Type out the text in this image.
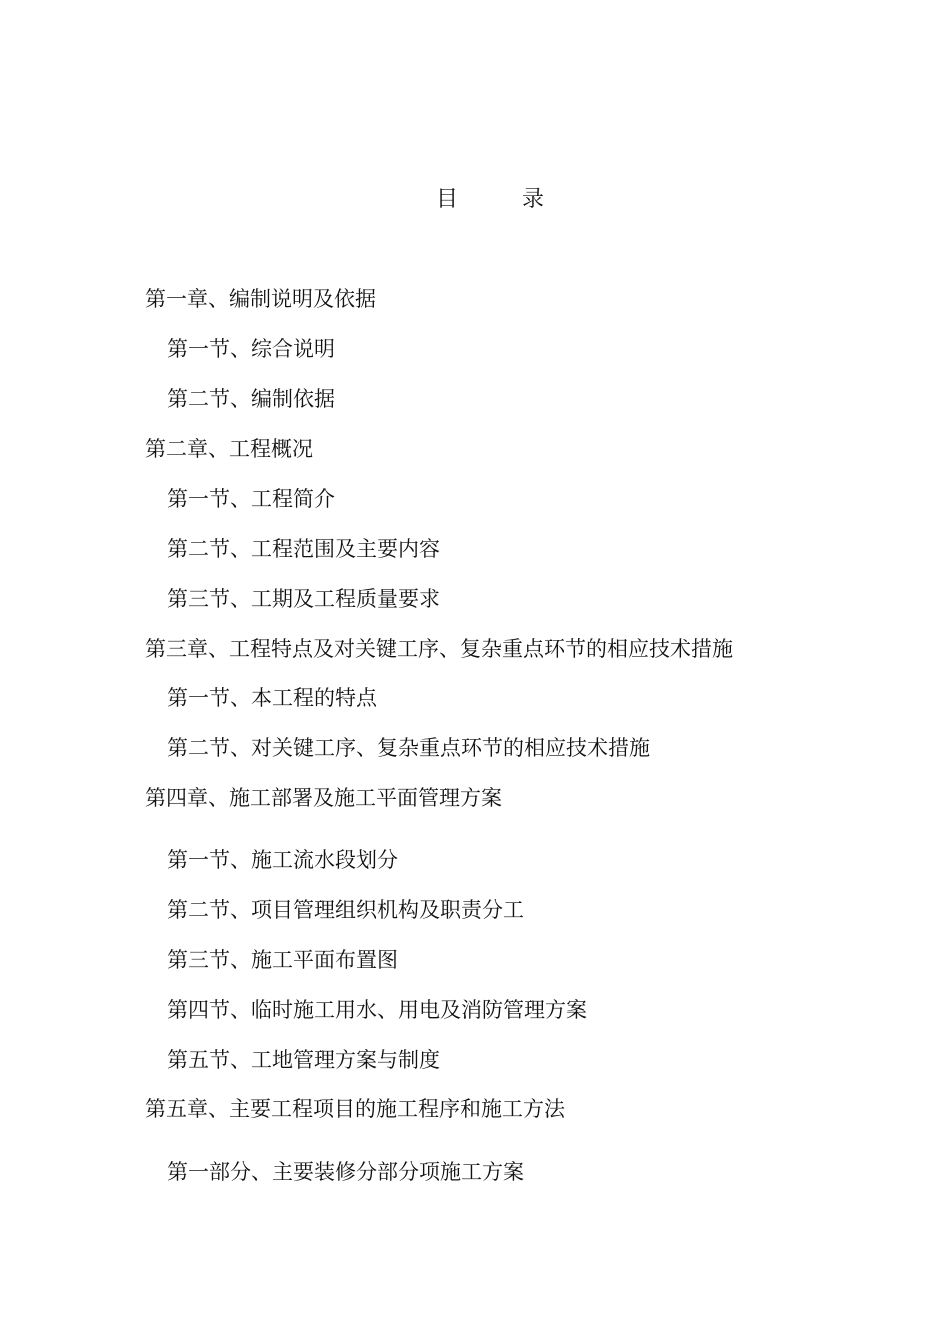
目	录
第一章、编制说明及依据
第一节、综合说明
第二节、编制依据
第二章、工程概况
第一节、工程简介
第二节、工程范围及主要内容
第三节、工期及工程质量要求
第三章、工程特点及对关键工序、复杂重点环节的相应技术措施
第一节、本工程的特点
第二节、对关键工序、复杂重点环节的相应技术措施
第四章、施工部署及施工平面管理方案
第一节、施工流水段划分
第二节、项目管理组织机构及职责分工
第三节、施工平面布置图
第四节、临时施工用水、用电及消防管理方案
第五节、工地管理方案与制度
第五章、主要工程项目的施工程序和施工方法
第一部分、主要装修分部分项施工方案
